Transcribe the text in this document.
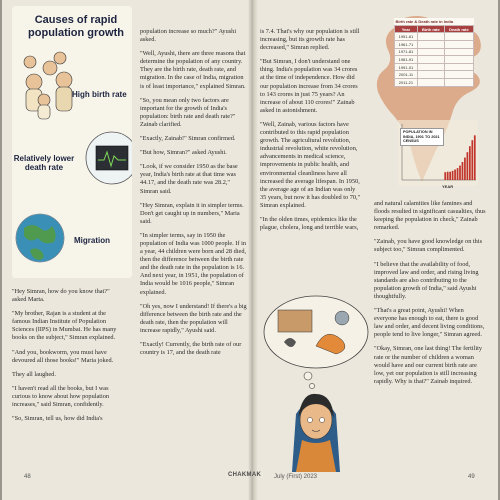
Causes of rapid population growth
High birth rate
Relatively lower death rate
Migration

"Hey Simran, how do you know that?" asked Marta.

"My brother, Rajan is a student at the famous Indian Institute of Population Sciences (IIPS) in Mumbai. He has many books on the subject," Simran explained.

"And you, bookworm, you must have devoured all those books!" Maria joked.

They all laughed.

"I haven't read all the books, but I was curious to know about how population increases," said Simran, confidently.

"So, Simran, tell us, how did India's

population increase so much?" Ayushi asked.

"Well, Ayushi, there are three reasons that determine the population of any country. They are the birth rate, death rate, and migration. In the case of India, migration is of least importance," explained Simran.

"So, you mean only two factors are important for the growth of India's population: birth rate and death rate?" Zainab clarified.

"Exactly, Zainab!" Simran confirmed.

"But how, Simran?" asked Ayushi.

"Look, if we consider 1950 as the base year, India's birth rate at that time was 44.17, and the death rate was 28.2," Simran said.

"Hey Simran, explain it in simpler terms. Don't get caught up in numbers," Maria said.

"In simpler terms, say in 1950 the population of India was 1000 people. If in a year, 44 children were born and 28 died, then the difference between the birth rate and the death rate in the population is 16. And next year, in 1951, the population of India would be 1016 people," Simran explained.

"Oh yes, now I understand! If there's a big difference between the birth rate and the death rate, then the population will increase rapidly," Ayushi said.

"Exactly! Currently, the birth rate of our country is 17, and the death rate

is 7.4. That's why our population is still increasing, but its growth rate has decreased," Simran replied.

"But Simran, I don't understand one thing. India's population was 34 crores at the time of independence. How did our population increase from 34 crores to 143 crores in just 75 years? An increase of about 110 crores!" Zainab asked in astonishment.

"Well, Zainab, various factors have contributed to this rapid population growth. The agricultural revolution, industrial revolution, white revolution, advancements in medical science, improvements in public health, and environmental cleanliness have all increased the average lifespan. In 1950, the average age of an Indian was only 35 years, but now it has doubled to 70," Simran explained.

"In the olden times, epidemics like the plague, cholera, long and terrible wars,

Birth rate & Death rate in India		
Year	Birth rate	Death rate
1951-61		
1961-71		
1971-81		
1981-91		
1991-01		
2001-11		
2011-21		
POPULATION IN INDIA, 1901 TO 2021 CENSUS
YEAR

and natural calamities like famines and floods resulted in significant casualties, thus keeping the population in check," Zainab remarked.

"Zainab, you have good knowledge on this subject too," Simran complimented.

"I believe that the availability of food, improved law and order, and rising living standards are also contributing to the population growth of India," said Ayushi thoughtfully.

"That's a great point, Ayushi! When everyone has enough to eat, there is good law and order, and decent living conditions, people tend to live longer," Simran agreed.

"Okay, Simran, one last thing! The fertility rate or the number of children a woman would have and our current birth rate are low, yet our population is still increasing rapidly. Why is that?" Zainab inquired.

48	CHAKMAK July (First) 2023	49
